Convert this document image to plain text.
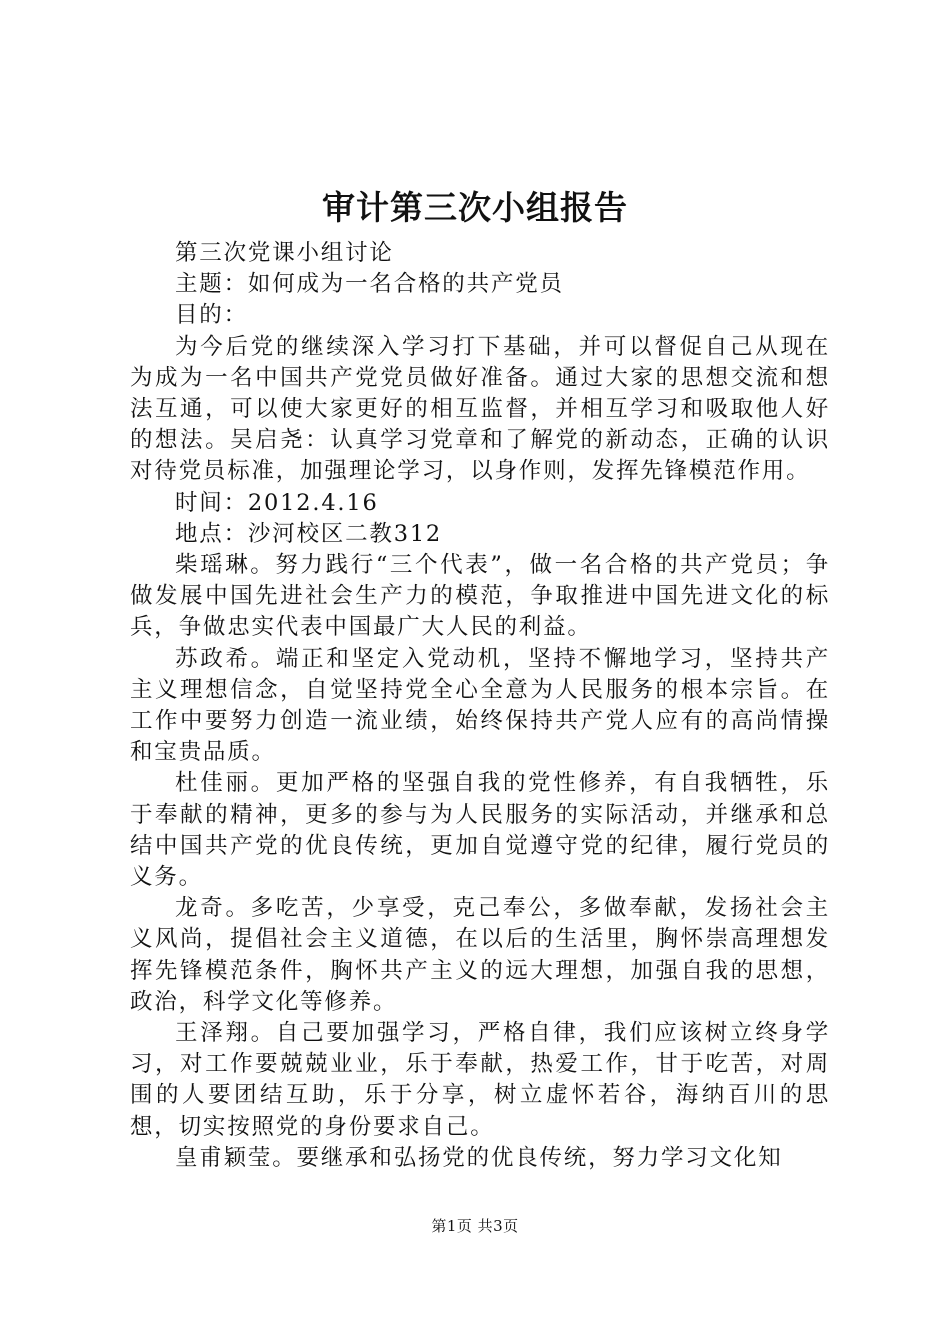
审计第三次小组报告

第三次党课小组讨论

主题：如何成为一名合格的共产党员

目的：

为今后党的继续深入学习打下基础，并可以督促自己从现在为成为一名中国共产党党员做好准备。通过大家的思想交流和想法互通，可以使大家更好的相互监督，并相互学习和吸取他人好的想法。吴启尧：认真学习党章和了解党的新动态，正确的认识对待党员标准，加强理论学习，以身作则，发挥先锋模范作用。

时间：2012.4.16

地点：沙河校区二教312

柴瑶琳。努力践行“三个代表”，做一名合格的共产党员；争做发展中国先进社会生产力的模范，争取推进中国先进文化的标兵，争做忠实代表中国最广大人民的利益。

苏政希。端正和坚定入党动机，坚持不懈地学习，坚持共产主义理想信念，自觉坚持党全心全意为人民服务的根本宗旨。在工作中要努力创造一流业绩，始终保持共产党人应有的高尚情操和宝贵品质。

杜佳丽。更加严格的坚强自我的党性修养，有自我牺牲，乐于奉献的精神，更多的参与为人民服务的实际活动，并继承和总结中国共产党的优良传统，更加自觉遵守党的纪律，履行党员的义务。

龙奇。多吃苦，少享受，克己奉公，多做奉献，发扬社会主义风尚，提倡社会主义道德，在以后的生活里，胸怀崇高理想发挥先锋模范条件，胸怀共产主义的远大理想，加强自我的思想，政治，科学文化等修养。

王泽翔。自己要加强学习，严格自律，我们应该树立终身学习，对工作要兢兢业业，乐于奉献，热爱工作，甘于吃苦，对周围的人要团结互助，乐于分享，树立虚怀若谷，海纳百川的思想，切实按照党的身份要求自己。

皇甫颖莹。要继承和弘扬党的优良传统，努力学习文化知

第1页 共3页
